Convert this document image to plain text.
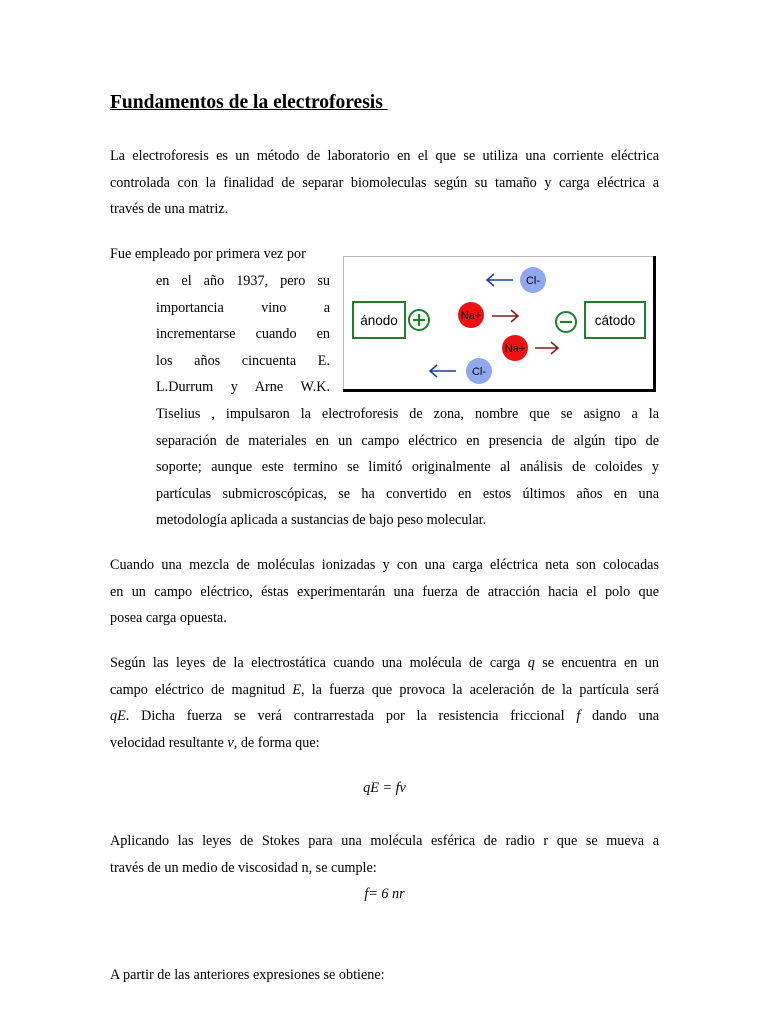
Fundamentos de la electroforesis
La electroforesis es un método de laboratorio en el que se utiliza una corriente eléctrica
controlada con la finalidad de separar biomoleculas según su tamaño y carga eléctrica a
través de una matriz.
Fue empleado por primera vez por
en el año 1937, pero su
importancia vino a
incrementarse cuando en
los años cincuenta E.
L.Durrum y Arne W.K.
Tiselius , impulsaron la electroforesis de zona, nombre que se asigno a la
separación de materiales en un campo eléctrico en presencia de algún tipo de
soporte; aunque este termino se limitó originalmente al análisis de coloides y
partículas submicroscópicas, se ha convertido en estos últimos años en una
metodología aplicada a sustancias de bajo peso molecular.
ánodo	cátodo
Cl-
Cl-
Na+
Na+
Cuando una mezcla de moléculas ionizadas y con una carga eléctrica neta son colocadas
en un campo eléctrico, éstas experimentarán una fuerza de atracción hacia el polo que
posea carga opuesta.
Según las leyes de la electrostática cuando una molécula de carga q se encuentra en un
campo eléctrico de magnitud E, la fuerza que provoca la aceleración de la partícula será
qE. Dicha fuerza se verá contrarrestada por la resistencia friccional f dando una
velocidad resultante v, de forma que:
qE = fv
Aplicando las leyes de Stokes para una molécula esférica de radio r que se mueva a
través de un medio de viscosidad n, se cumple:
f= 6 nr
A partir de las anteriores expresiones se obtiene:
